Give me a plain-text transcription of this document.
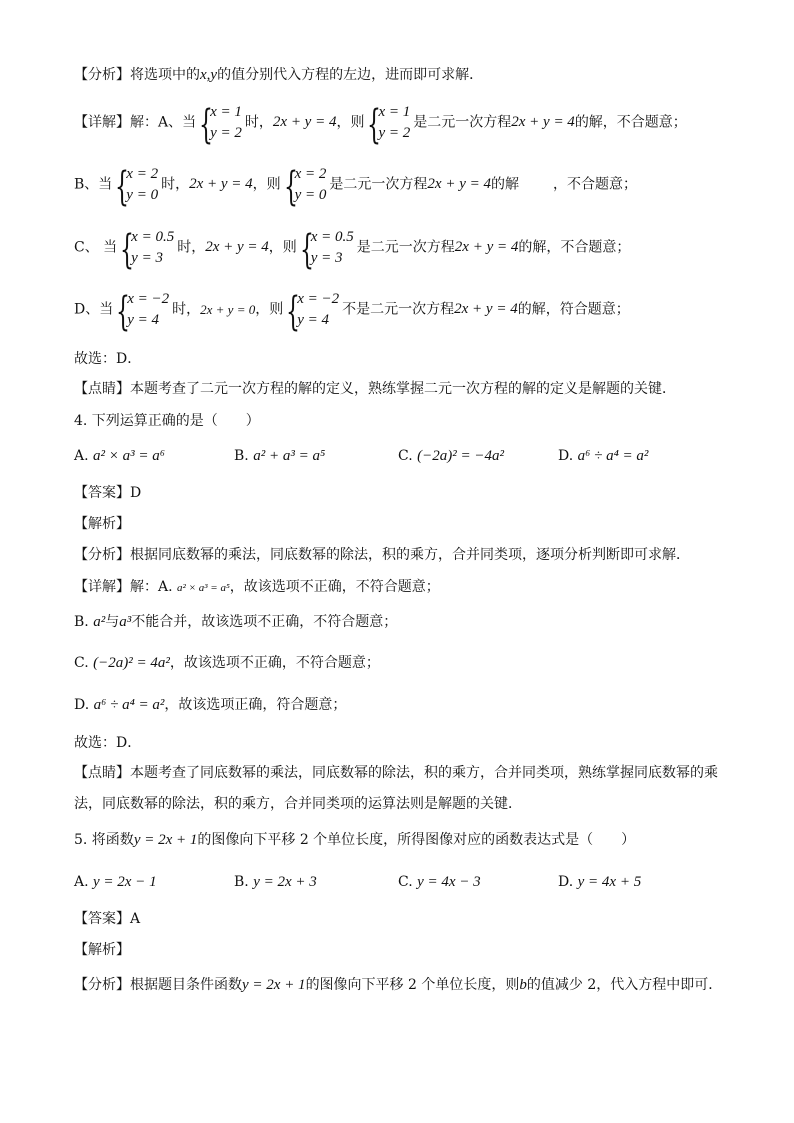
【分析】将选项中的x,y的值分别代入方程的左边，进而即可求解．
【详解】解：A、当 {
x = 1
y = 2
时，2x + y = 4，则 {
x = 1
y = 2
是二元一次方程2x + y = 4的解，不合题意；
B、当 {
x = 2
y = 0
时，2x + y = 4，则 {
x = 2
y = 0
是二元一次方程2x + y = 4的解 ，不合题意；
C、 当 {
x = 0.5
y = 3
时，2x + y = 4，则 {
x = 0.5
y = 3
是二元一次方程2x + y = 4的解，不合题意；
D、当 {
x = −2
y = 4
时，2x + y = 0，则 {
x = −2
y = 4
不是二元一次方程2x + y = 4的解，符合题意；
故选：D．
【点睛】本题考查了二元一次方程的解的定义，熟练掌握二元一次方程的解的定义是解题的关键．
4. 下列运算正确的是（　　）
A. a² × a³ = a⁶	B. a² + a³ = a⁵	C. (−2a)² = −4a²	D. a⁶ ÷ a⁴ = a²
【答案】D
【解析】
【分析】根据同底数幂的乘法，同底数幂的除法，积的乘方，合并同类项，逐项分析判断即可求解．
【详解】解：A. a² × a³ = a⁵，故该选项不正确，不符合题意；
B. a²与a³不能合并，故该选项不正确，不符合题意；
C. (−2a)² = 4a²，故该选项不正确，不符合题意；
D. a⁶ ÷ a⁴ = a²，故该选项正确，符合题意；
故选：D．
【点睛】本题考查了同底数幂的乘法，同底数幂的除法，积的乘方，合并同类项，熟练掌握同底数幂的乘
法，同底数幂的除法，积的乘方，合并同类项的运算法则是解题的关键．
5. 将函数y = 2x + 1的图像向下平移 2 个单位长度，所得图像对应的函数表达式是（　　）
A. y = 2x − 1	B. y = 2x + 3	C. y = 4x − 3	D. y = 4x + 5
【答案】A
【解析】
【分析】根据题目条件函数y = 2x + 1的图像向下平移 2 个单位长度，则b的值减少 2，代入方程中即可．
